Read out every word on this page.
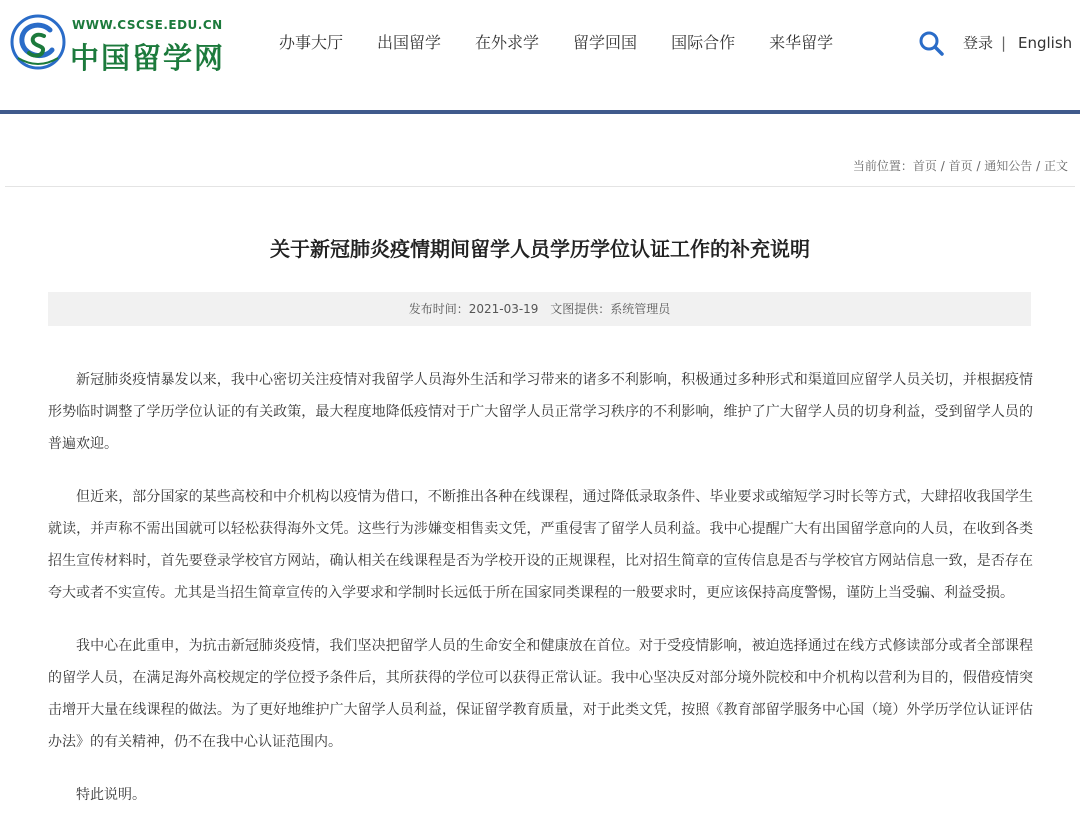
WWW.CSCSE.EDU.CN
中国留学网	办事大厅 出国留学 在外求学 留学回国 国际合作 来华留学	登录 | English
当前位置：首页 / 首页 / 通知公告 / 正文
关于新冠肺炎疫情期间留学人员学历学位认证工作的补充说明
发布时间：2021-03-19 文图提供：系统管理员

新冠肺炎疫情暴发以来，我中心密切关注疫情对我留学人员海外生活和学习带来的诸多不利影响，积极通过多种形式和渠道回应留学人员关切，并根据疫情形势临时调整了学历学位认证的有关政策，最大程度地降低疫情对于广大留学人员正常学习秩序的不利影响，维护了广大留学人员的切身利益，受到留学人员的普遍欢迎。

但近来，部分国家的某些高校和中介机构以疫情为借口，不断推出各种在线课程，通过降低录取条件、毕业要求或缩短学习时长等方式，大肆招收我国学生就读，并声称不需出国就可以轻松获得海外文凭。这些行为涉嫌变相售卖文凭，严重侵害了留学人员利益。我中心提醒广大有出国留学意向的人员，在收到各类招生宣传材料时，首先要登录学校官方网站，确认相关在线课程是否为学校开设的正规课程，比对招生简章的宣传信息是否与学校官方网站信息一致，是否存在夸大或者不实宣传。尤其是当招生简章宣传的入学要求和学制时长远低于所在国家同类课程的一般要求时，更应该保持高度警惕，谨防上当受骗、利益受损。

我中心在此重申，为抗击新冠肺炎疫情，我们坚决把留学人员的生命安全和健康放在首位。对于受疫情影响，被迫选择通过在线方式修读部分或者全部课程的留学人员，在满足海外高校规定的学位授予条件后，其所获得的学位可以获得正常认证。我中心坚决反对部分境外院校和中介机构以营利为目的，假借疫情突击增开大量在线课程的做法。为了更好地维护广大留学人员利益，保证留学教育质量，对于此类文凭，按照《教育部留学服务中心国（境）外学历学位认证评估办法》的有关精神，仍不在我中心认证范围内。

特此说明。
